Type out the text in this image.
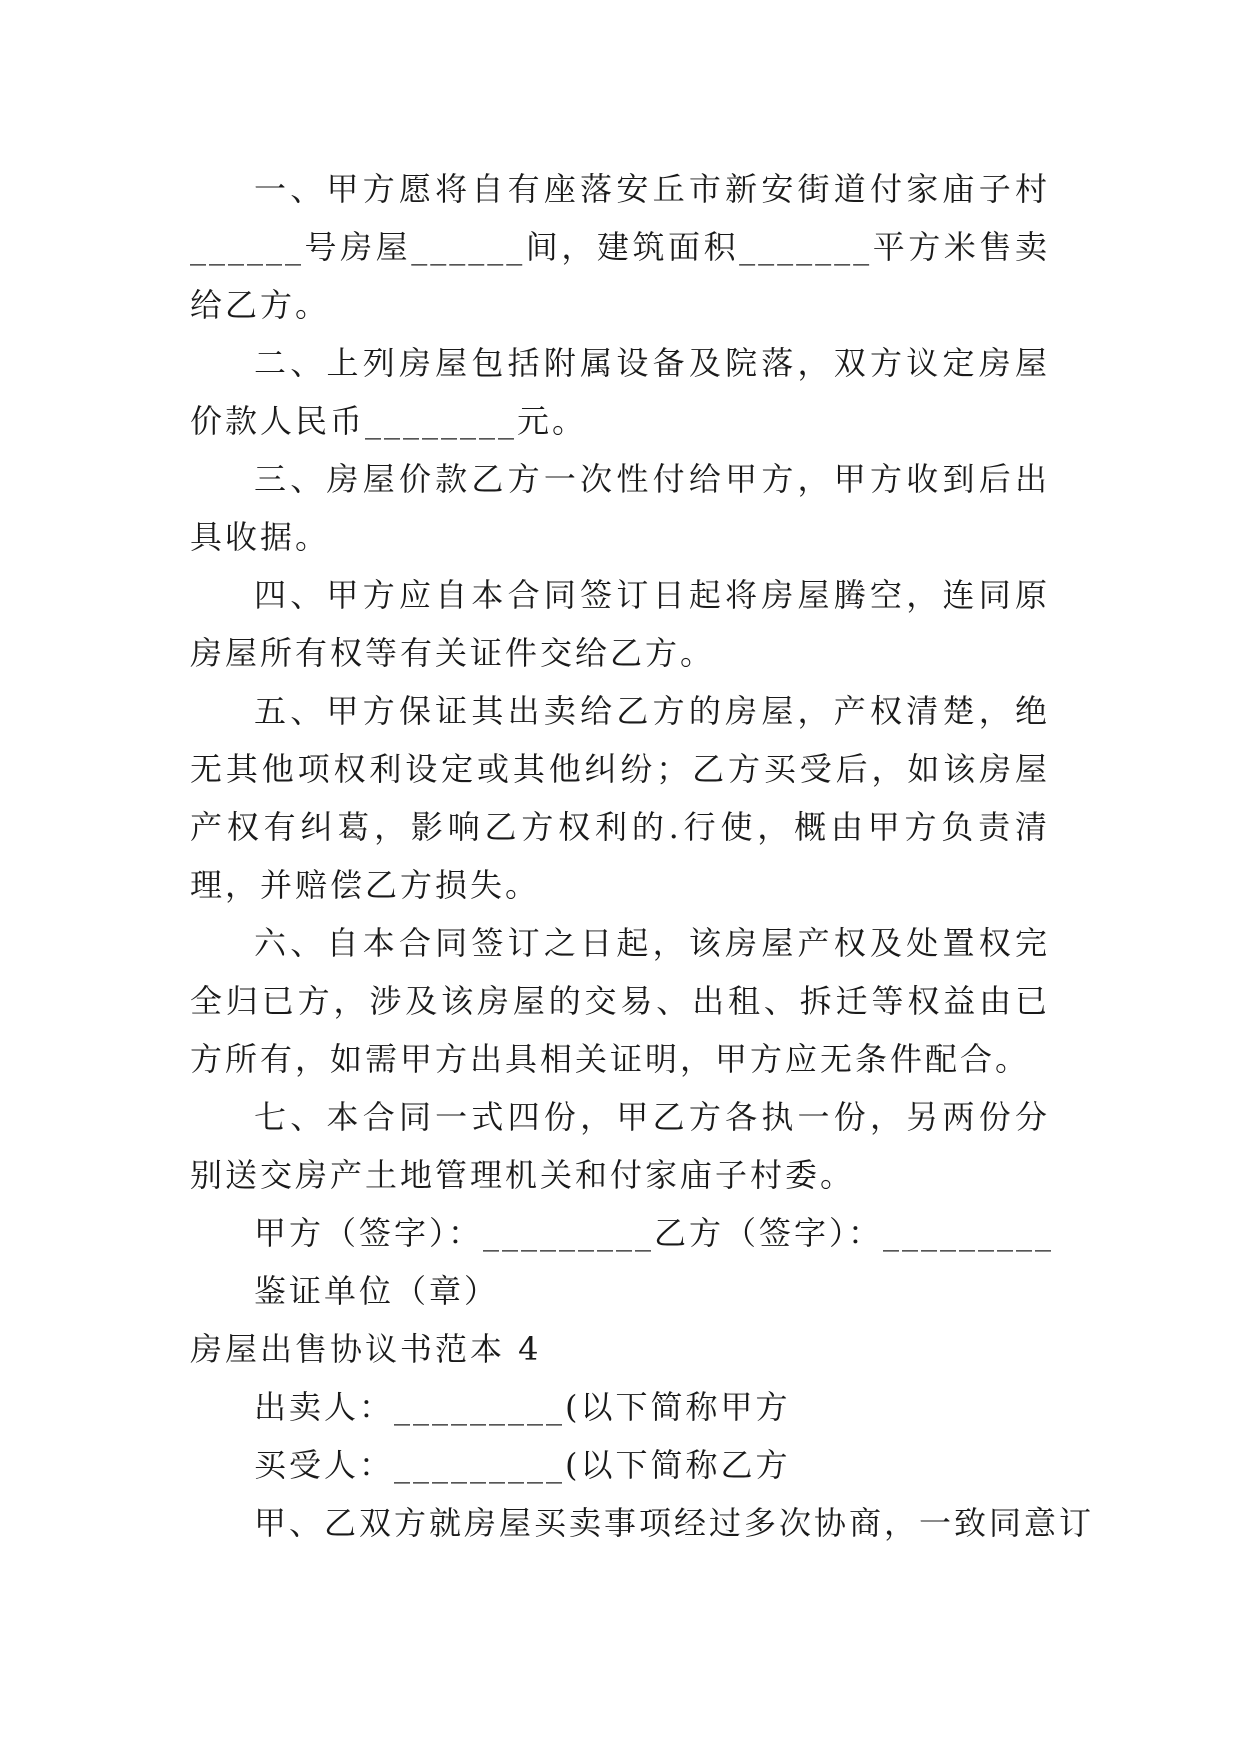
一、甲方愿将自有座落安丘市新安街道付家庙子村______号房屋______间，建筑面积_______平方米售卖给乙方。

二、上列房屋包括附属设备及院落，双方议定房屋价款人民币________元。

三、房屋价款乙方一次性付给甲方，甲方收到后出具收据。

四、甲方应自本合同签订日起将房屋腾空，连同原房屋所有权等有关证件交给乙方。

五、甲方保证其出卖给乙方的房屋，产权清楚，绝无其他项权利设定或其他纠纷；乙方买受后，如该房屋产权有纠葛，影响乙方权利的.行使，概由甲方负责清理，并赔偿乙方损失。

六、自本合同签订之日起，该房屋产权及处置权完全归已方，涉及该房屋的交易、出租、拆迁等权益由已方所有，如需甲方出具相关证明，甲方应无条件配合。

七、本合同一式四份，甲乙方各执一份，另两份分别送交房产土地管理机关和付家庙子村委。

甲方（签字）：_________乙方（签字）：_________

鉴证单位（章）

房屋出售协议书范本 4

出卖人：_________(以下简称甲方

买受人：_________(以下简称乙方

甲、乙双方就房屋买卖事项经过多次协商，一致同意订
